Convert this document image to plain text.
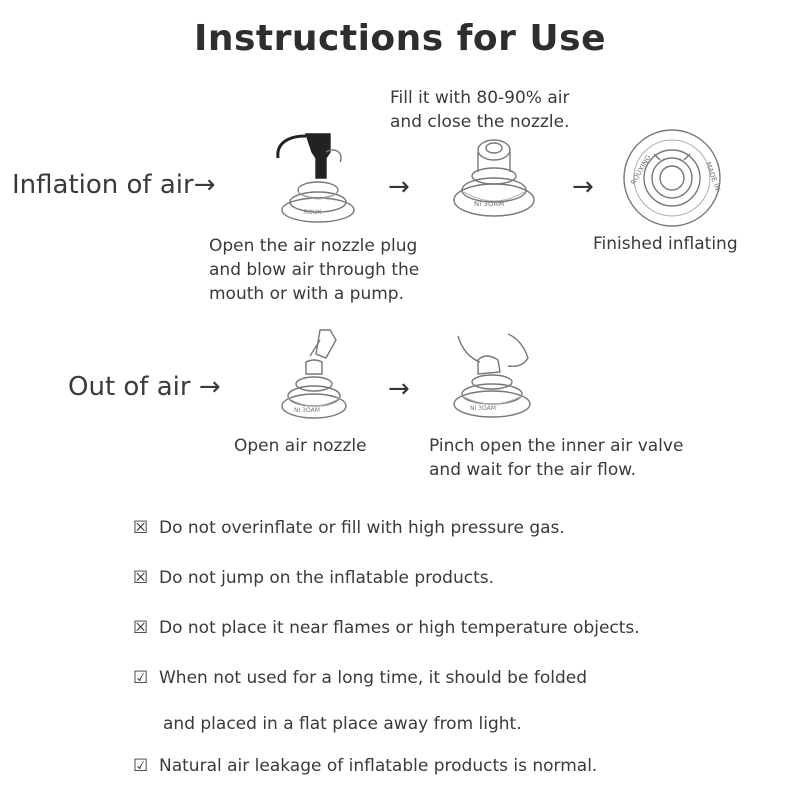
Instructions for Use
Inflation of air→
ROUX
→
NI 3OAM
→
ROUXING	MADE IN
Open the air nozzle plug
and blow air through the
mouth or with a pump.
Fill it with 80-90% air
and close the nozzle.
Finished inflating
Out of air →
NI 3OAM
→
NI 3OAM
Open air nozzle	Pinch open the inner air valve
and wait for the air flow.
☒ Do not overinflate or fill with high pressure gas.
☒ Do not jump on the inflatable products.
☒ Do not place it near flames or high temperature objects.
☑ When not used for a long time, it should be folded
and placed in a flat place away from light.
☑ Natural air leakage of inflatable products is normal.
